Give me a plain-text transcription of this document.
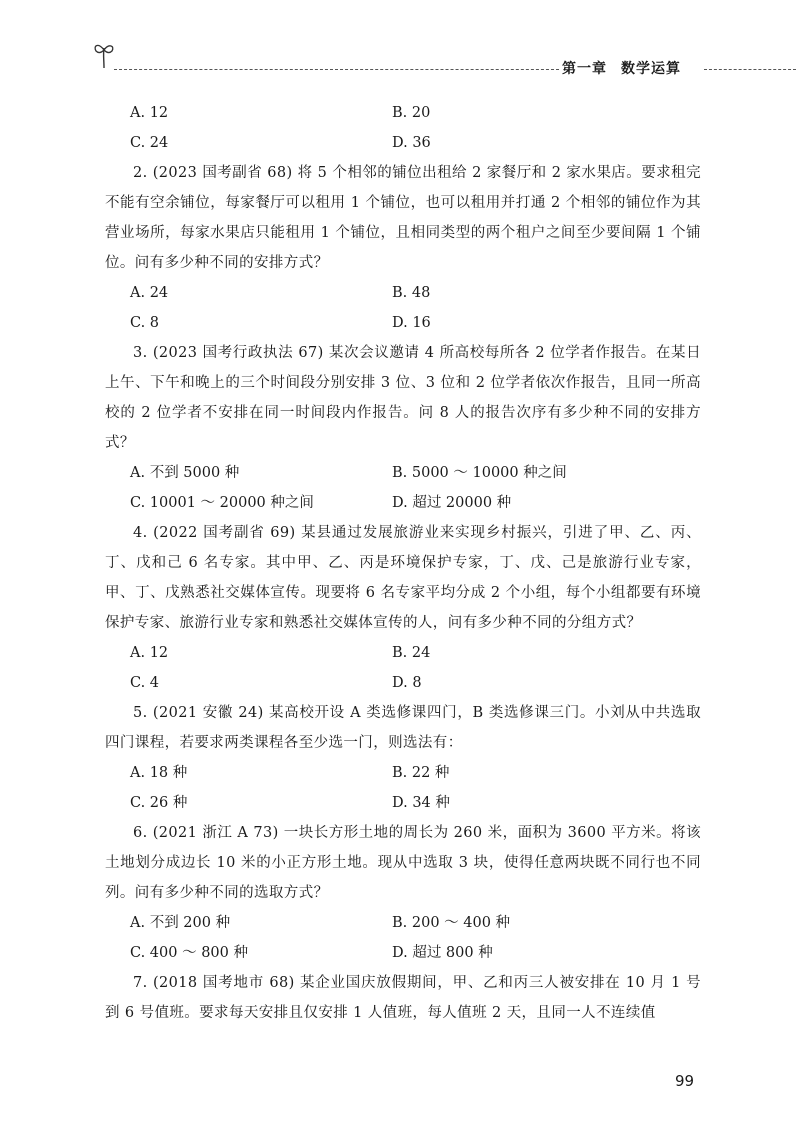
第一章 数学运算
A. 12	B. 20
C. 24	D. 36

2. (2023 国考副省 68) 将 5 个相邻的铺位出租给 2 家餐厅和 2 家水果店。要求租完不能有空余铺位，每家餐厅可以租用 1 个铺位，也可以租用并打通 2 个相邻的铺位作为其营业场所，每家水果店只能租用 1 个铺位，且相同类型的两个租户之间至少要间隔 1 个铺位。问有多少种不同的安排方式？

A. 24	B. 48
C. 8	D. 16

3. (2023 国考行政执法 67) 某次会议邀请 4 所高校每所各 2 位学者作报告。在某日上午、下午和晚上的三个时间段分别安排 3 位、3 位和 2 位学者依次作报告，且同一所高校的 2 位学者不安排在同一时间段内作报告。问 8 人的报告次序有多少种不同的安排方式？

A. 不到 5000 种	B. 5000 ～ 10000 种之间
C. 10001 ～ 20000 种之间	D. 超过 20000 种

4. (2022 国考副省 69) 某县通过发展旅游业来实现乡村振兴，引进了甲、乙、丙、丁、戊和己 6 名专家。其中甲、乙、丙是环境保护专家，丁、戊、己是旅游行业专家，甲、丁、戊熟悉社交媒体宣传。现要将 6 名专家平均分成 2 个小组，每个小组都要有环境保护专家、旅游行业专家和熟悉社交媒体宣传的人，问有多少种不同的分组方式？

A. 12	B. 24
C. 4	D. 8

5. (2021 安徽 24) 某高校开设 A 类选修课四门，B 类选修课三门。小刘从中共选取四门课程，若要求两类课程各至少选一门，则选法有：

A. 18 种	B. 22 种
C. 26 种	D. 34 种

6. (2021 浙江 A 73) 一块长方形土地的周长为 260 米，面积为 3600 平方米。将该土地划分成边长 10 米的小正方形土地。现从中选取 3 块，使得任意两块既不同行也不同列。问有多少种不同的选取方式？

A. 不到 200 种	B. 200 ～ 400 种
C. 400 ～ 800 种	D. 超过 800 种

7. (2018 国考地市 68) 某企业国庆放假期间，甲、乙和丙三人被安排在 10 月 1 号到 6 号值班。要求每天安排且仅安排 1 人值班，每人值班 2 天，且同一人不连续值

99
